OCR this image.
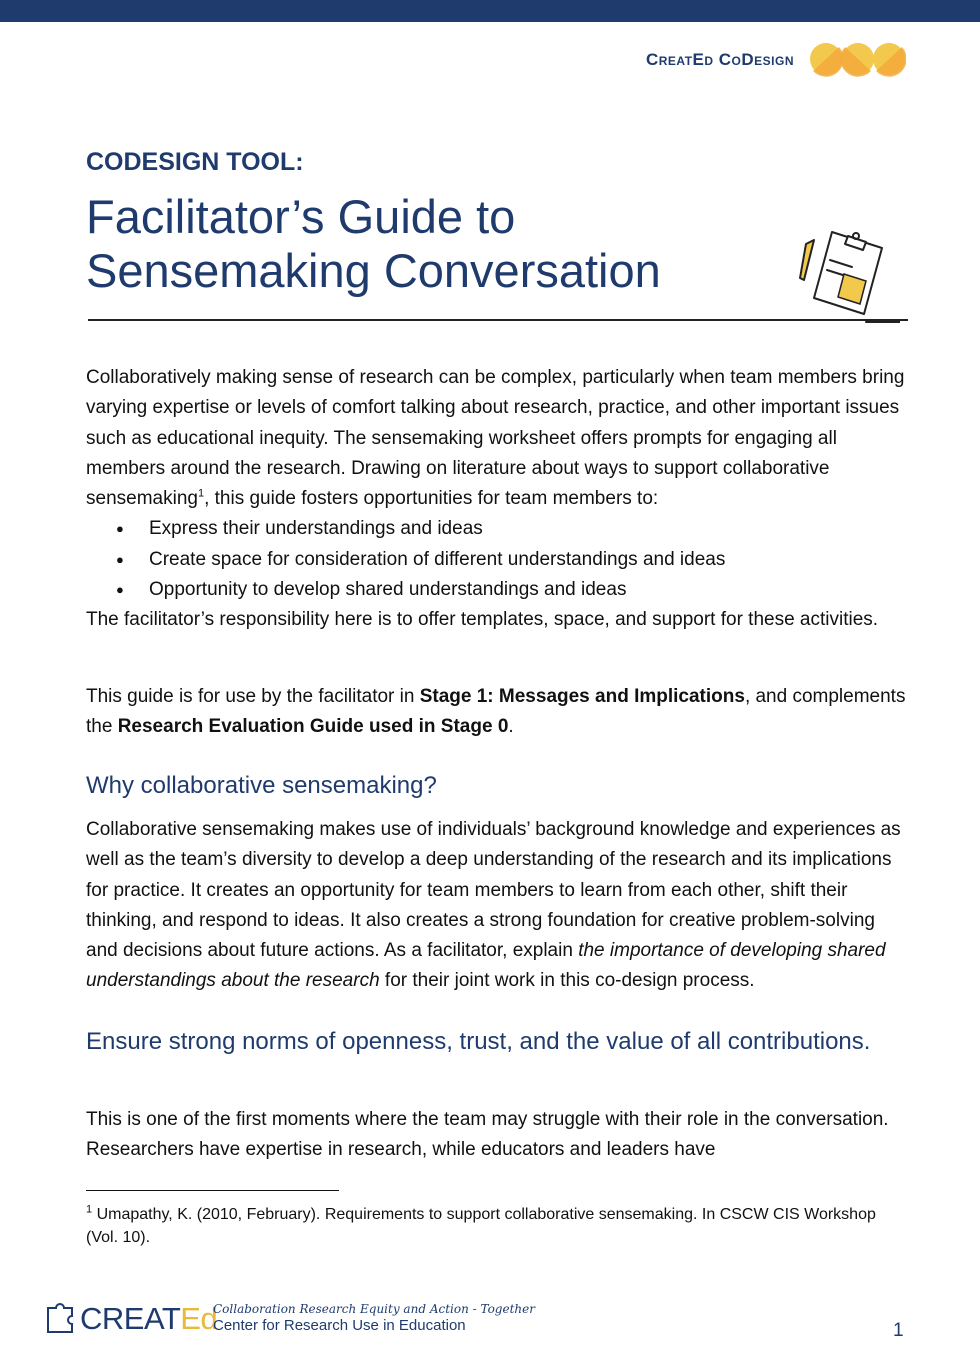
CreatEd CoDesign
CODESIGN TOOL:
Facilitator’s Guide to
Sensemaking Conversation
Collaboratively making sense of research can be complex, particularly when team members bring varying expertise or levels of comfort talking about research, practice, and other important issues such as educational inequity. The sensemaking worksheet offers prompts for engaging all members around the research. Drawing on literature about ways to support collaborative sensemaking$^1$, this guide fosters opportunities for team members to:
● Express their understandings and ideas
● Create space for consideration of different understandings and ideas
● Opportunity to develop shared understandings and ideas
The facilitator’s responsibility here is to offer templates, space, and support for these activities.
This guide is for use by the facilitator in Stage 1: Messages and Implications, and complements the Research Evaluation Guide used in Stage 0.
Why collaborative sensemaking?
Collaborative sensemaking makes use of individuals’ background knowledge and experiences as well as the team’s diversity to develop a deep understanding of the research and its implications for practice. It creates an opportunity for team members to learn from each other, shift their thinking, and respond to ideas. It also creates a strong foundation for creative problem-solving and decisions about future actions. As a facilitator, explain the importance of developing shared understandings about the research for their joint work in this co-design process.
Ensure strong norms of openness, trust, and the value of all contributions.
This is one of the first moments where the team may struggle with their role in the conversation. Researchers have expertise in research, while educators and leaders have
$^1$ Umapathy, K. (2010, February). Requirements to support collaborative sensemaking. In CSCW CIS Workshop (Vol. 10).
CREATEd
Collaboration Research Equity and Action - Together
Center for Research Use in Education	1
